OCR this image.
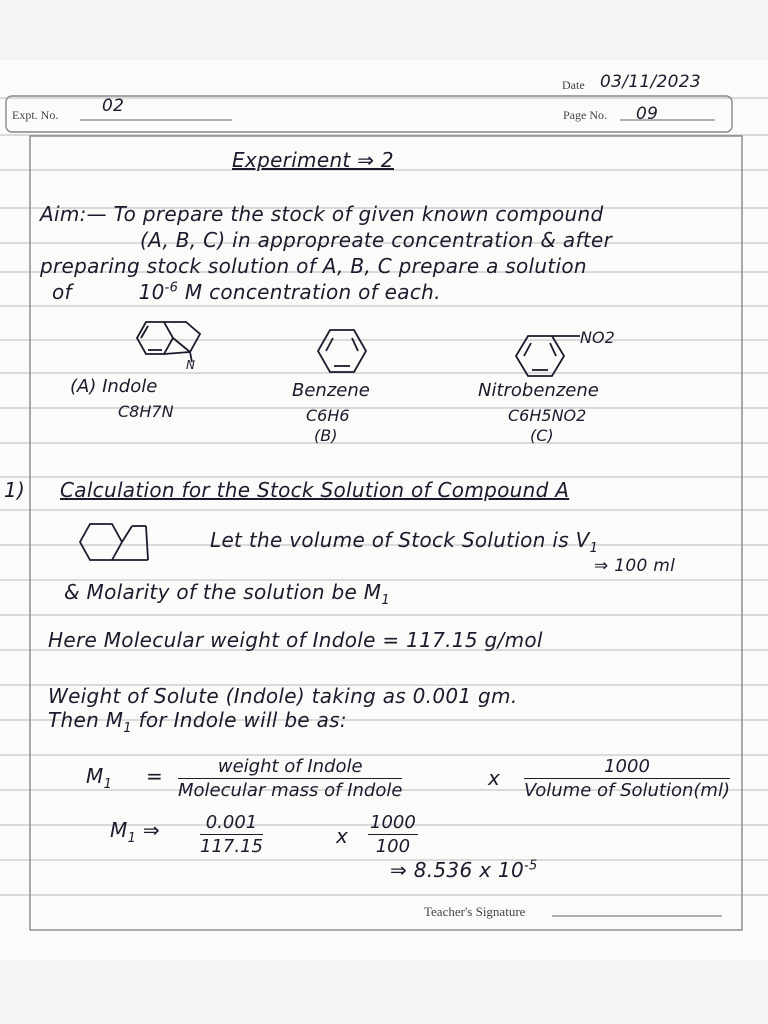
Date 03/11/2023
Expt. No.	02	Page No. 09
Experiment ⇒ 2
Aim:— To prepare the stock of given known compound
(A, B, C) in appropreate concentration & after
preparing stock solution of A, B, C prepare a solution
of	$10^{-6}$ M concentration of each.
N
NO2
(A) Indole
C8H7N
Benzene
C6H6
(B)
Nitrobenzene
C6H5NO2
(C)
1) Calculation for the Stock Solution of Compound A
Let the volume of Stock Solution is $V_1$
⇒ 100 ml
& Molarity of the solution be $M_1$
Here Molecular weight of Indole = 117.15 g/mol
Weight of Solute (Indole) taking as 0.001 gm.
Then $M_1$ for Indole will be as:
$M_1$ =	weight of Indole
Molecular mass of Indole
x	1000
Volume of Solution(ml)
$M_1$ ⇒ $\frac{0.001}{117.15}$	x $\frac{1000}{100}$
⇒ 8.536 x $10^{-5}$
Teacher's Signature
